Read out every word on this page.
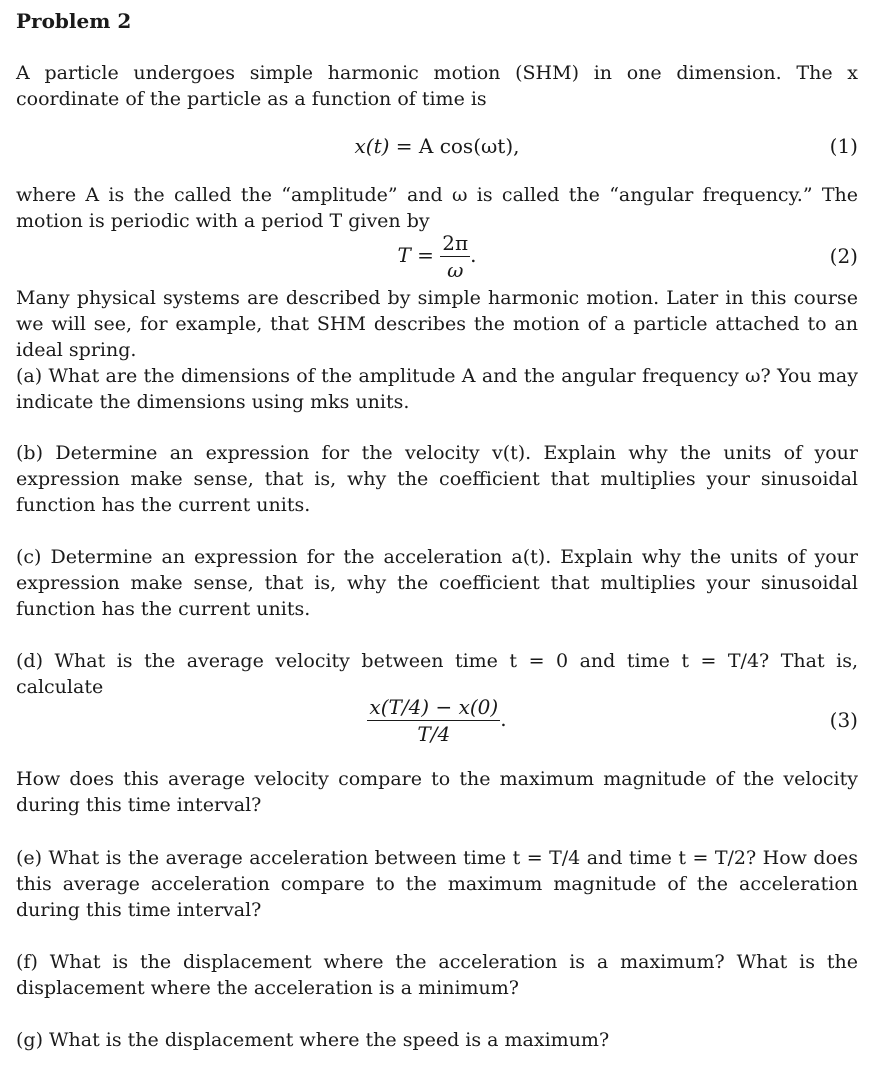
Problem 2

A particle undergoes simple harmonic motion (SHM) in one dimension. The x coordinate of the particle as a function of time is

x(t) = A cos(ωt),	(1)

where A is the called the “amplitude” and ω is called the “angular frequency.” The motion is periodic with a period T given by

$T = \frac{2\pi}{\omega}$ .	(2)

Many physical systems are described by simple harmonic motion. Later in this course we will see, for example, that SHM describes the motion of a particle attached to an ideal spring.

(a) What are the dimensions of the amplitude A and the angular frequency ω? You may indicate the dimensions using mks units.

(b) Determine an expression for the velocity v(t). Explain why the units of your expression make sense, that is, why the coefficient that multiplies your sinusoidal function has the current units.

(c) Determine an expression for the acceleration a(t). Explain why the units of your expression make sense, that is, why the coefficient that multiplies your sinusoidal function has the current units.

(d) What is the average velocity between time t = 0 and time t = T/4? That is, calculate

$\frac{x(T/4) - x(0)}{T/4}$ .	(3)

How does this average velocity compare to the maximum magnitude of the velocity during this time interval?

(e) What is the average acceleration between time t = T/4 and time t = T/2? How does this average acceleration compare to the maximum magnitude of the acceleration during this time interval?

(f) What is the displacement where the acceleration is a maximum? What is the displacement where the acceleration is a minimum?

(g) What is the displacement where the speed is a maximum?
